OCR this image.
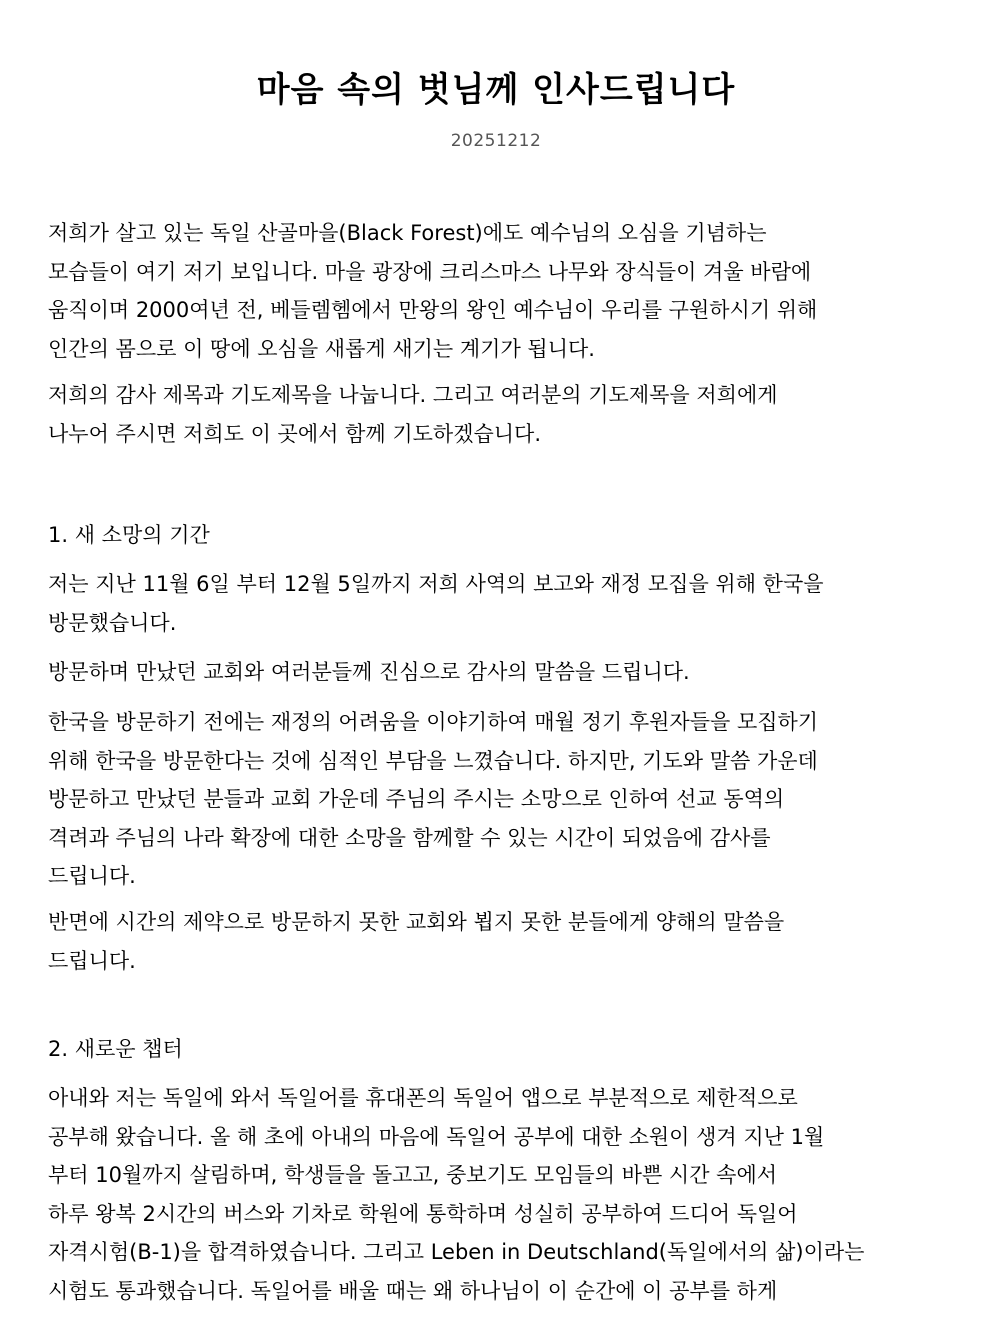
마음 속의 벗님께 인사드립니다
20251212
저희가 살고 있는 독일 산골마을(Black Forest)에도 예수님의 오심을 기념하는
모습들이 여기 저기 보입니다. 마을 광장에 크리스마스 나무와 장식들이 겨울 바람에
움직이며 2000여년 전, 베들렘헴에서 만왕의 왕인 예수님이 우리를 구원하시기 위해
인간의 몸으로 이 땅에 오심을 새롭게 새기는 계기가 됩니다.
저희의 감사 제목과 기도제목을 나눕니다. 그리고 여러분의 기도제목을 저희에게
나누어 주시면 저희도 이 곳에서 함께 기도하겠습니다.
1. 새 소망의 기간
저는 지난 11월 6일 부터 12월 5일까지 저희 사역의 보고와 재정 모집을 위해 한국을
방문했습니다.
방문하며 만났던 교회와 여러분들께 진심으로 감사의 말씀을 드립니다.
한국을 방문하기 전에는 재정의 어려움을 이야기하여 매월 정기 후원자들을 모집하기
위해 한국을 방문한다는 것에 심적인 부담을 느꼈습니다. 하지만, 기도와 말씀 가운데
방문하고 만났던 분들과 교회 가운데 주님의 주시는 소망으로 인하여 선교 동역의
격려과 주님의 나라 확장에 대한 소망을 함께할 수 있는 시간이 되었음에 감사를
드립니다.
반면에 시간의 제약으로 방문하지 못한 교회와 뵙지 못한 분들에게 양해의 말씀을
드립니다.
2. 새로운 챕터
아내와 저는 독일에 와서 독일어를 휴대폰의 독일어 앱으로 부분적으로 제한적으로
공부해 왔습니다. 올 해 초에 아내의 마음에 독일어 공부에 대한 소원이 생겨 지난 1월
부터 10월까지 살림하며, 학생들을 돌고고, 중보기도 모임들의 바쁜 시간 속에서
하루 왕복 2시간의 버스와 기차로 학원에 통학하며 성실히 공부하여 드디어 독일어
자격시험(B-1)을 합격하였습니다. 그리고 Leben in Deutschland(독일에서의 삶)이라는
시험도 통과했습니다. 독일어를 배울 때는 왜 하나님이 이 순간에 이 공부를 하게
